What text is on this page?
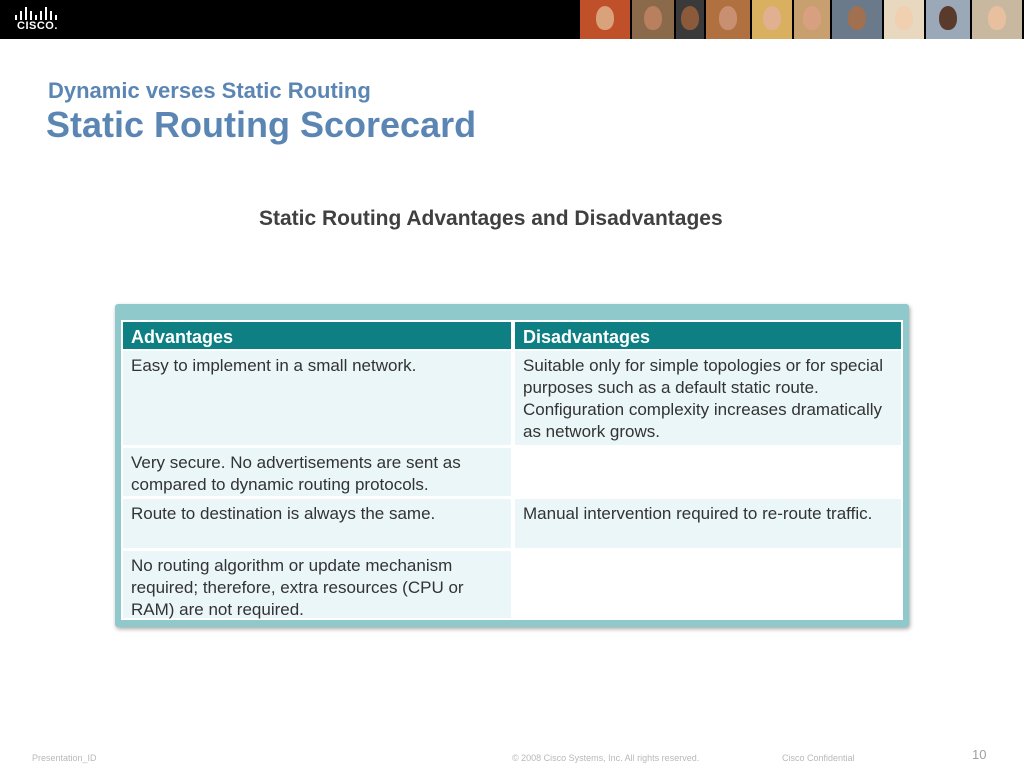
CISCO.
Dynamic verses Static Routing
Static Routing Scorecard
Static Routing Advantages and Disadvantages
Advantages	Disadvantages
Easy to implement in a small network.	Suitable only for simple topologies or for special purposes such as a default static route. Configuration complexity increases dramatically as network grows.
Very secure. No advertisements are sent as compared to dynamic routing protocols.
Route to destination is always the same.	Manual intervention required to re-route traffic.
No routing algorithm or update mechanism required; therefore, extra resources (CPU or RAM) are not required.
Presentation_ID	© 2008 Cisco Systems, Inc. All rights reserved.	Cisco Confidential	10
